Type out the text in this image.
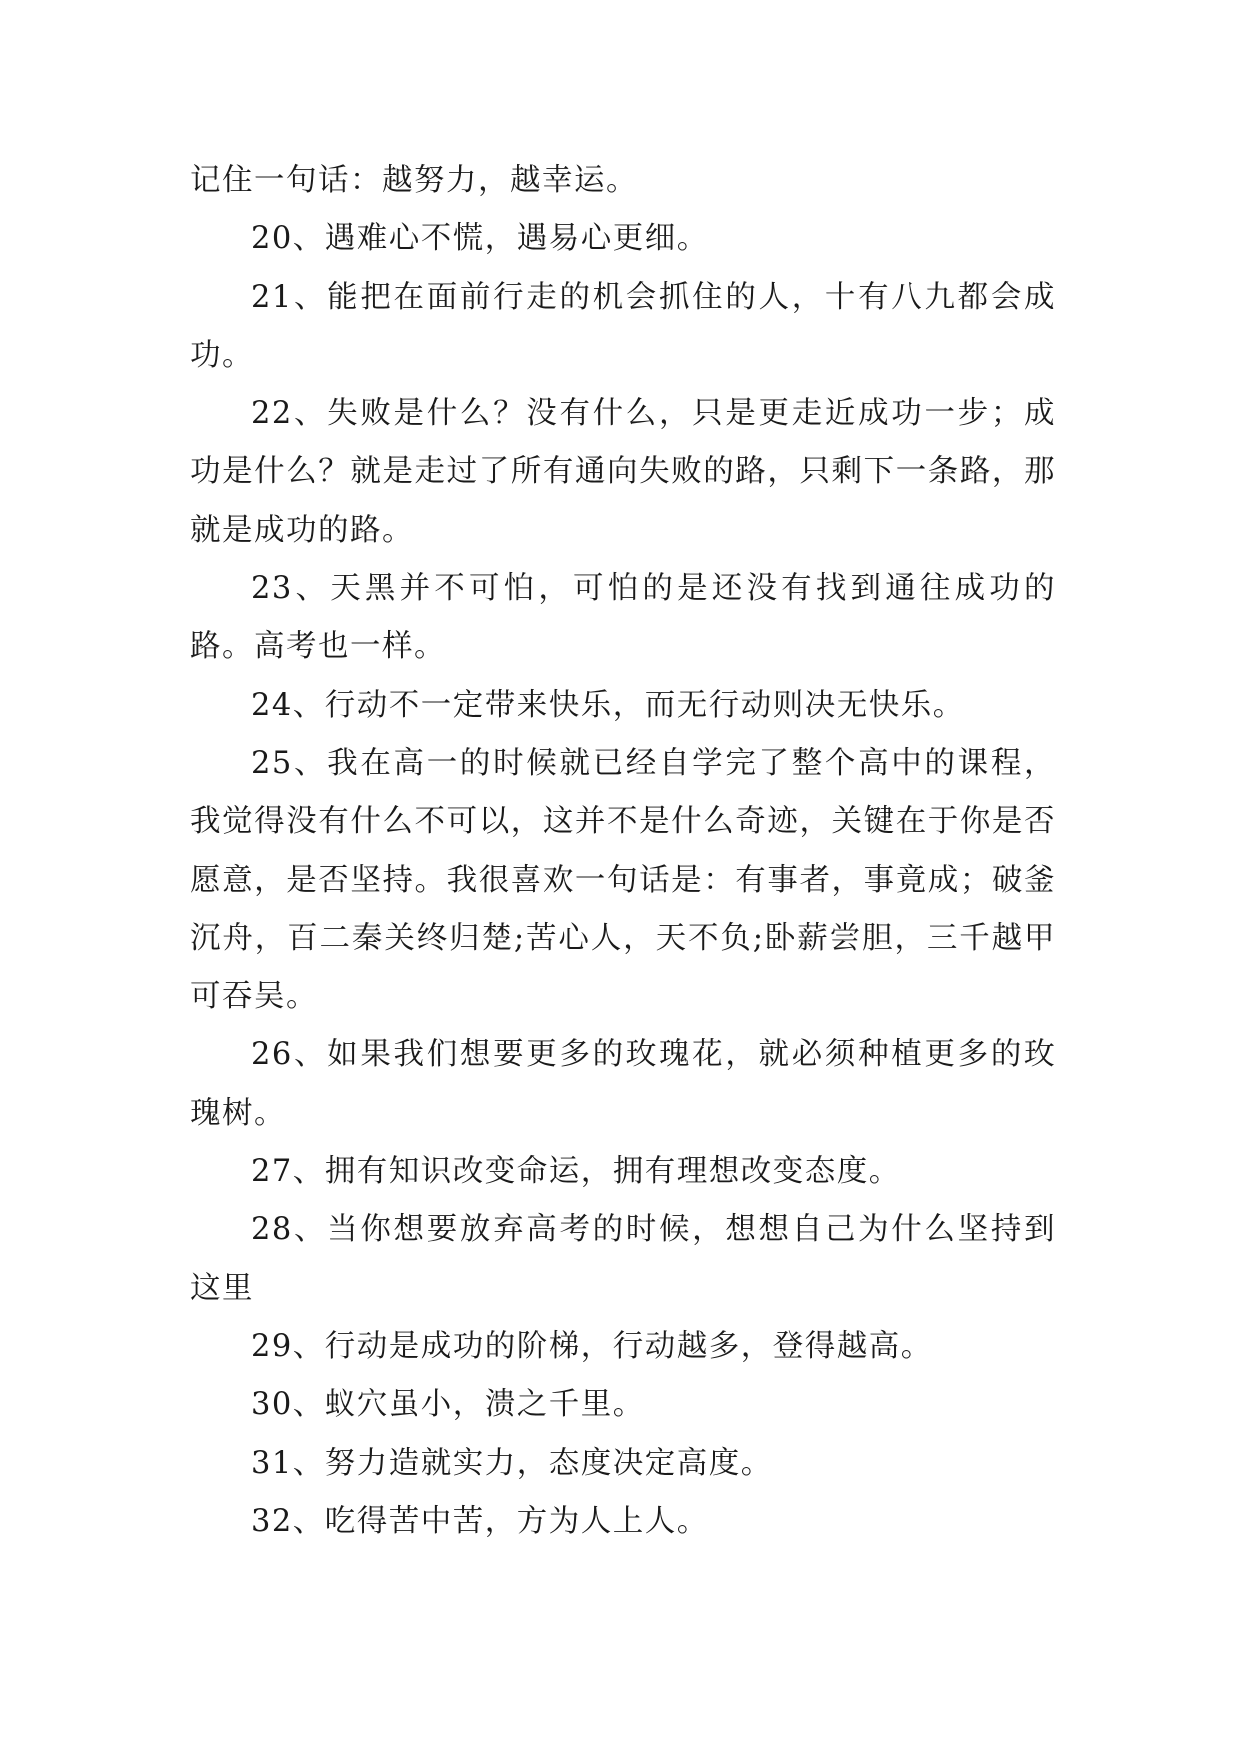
记住一句话：越努力，越幸运。

20、遇难心不慌，遇易心更细。

21、能把在面前行走的机会抓住的人，十有八九都会成功。

22、失败是什么？没有什么，只是更走近成功一步；成功是什么？就是走过了所有通向失败的路，只剩下一条路，那就是成功的路。

23、天黑并不可怕，可怕的是还没有找到通往成功的路。高考也一样。

24、行动不一定带来快乐，而无行动则决无快乐。

25、我在高一的时候就已经自学完了整个高中的课程，我觉得没有什么不可以，这并不是什么奇迹，关键在于你是否愿意，是否坚持。我很喜欢一句话是：有事者，事竟成；破釜沉舟，百二秦关终归楚;苦心人，天不负;卧薪尝胆，三千越甲可吞吴。

26、如果我们想要更多的玫瑰花，就必须种植更多的玫瑰树。

27、拥有知识改变命运，拥有理想改变态度。

28、当你想要放弃高考的时候，想想自己为什么坚持到这里

29、行动是成功的阶梯，行动越多，登得越高。

30、蚁穴虽小，溃之千里。

31、努力造就实力，态度决定高度。

32、吃得苦中苦，方为人上人。
